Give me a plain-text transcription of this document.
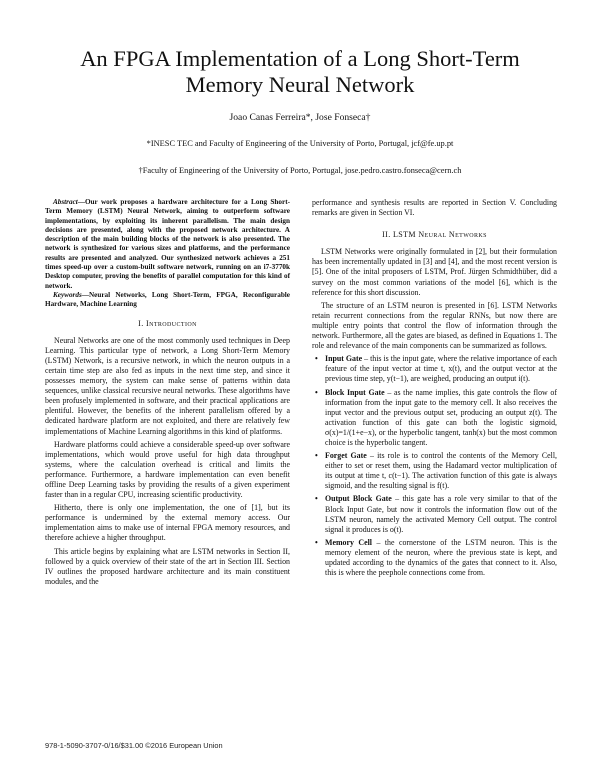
An FPGA Implementation of a Long Short-Term Memory Neural Network
Joao Canas Ferreira*, Jose Fonseca†
*INESC TEC and Faculty of Engineering of the University of Porto, Portugal, jcf@fe.up.pt
†Faculty of Engineering of the University of Porto, Portugal, jose.pedro.castro.fonseca@cern.ch

Abstract—Our work proposes a hardware architecture for a Long Short-Term Memory (LSTM) Neural Network, aiming to outperform software implementations, by exploiting its inherent parallelism. The main design decisions are presented, along with the proposed network architecture. A description of the main building blocks of the network is also presented. The network is synthesized for various sizes and platforms, and the performance results are presented and analyzed. Our synthesized network achieves a 251 times speed-up over a custom-built software network, running on an i7-3770k Desktop computer, proving the benefits of parallel computation for this kind of network.

Keywords—Neural Networks, Long Short-Term, FPGA, Reconfigurable Hardware, Machine Learning

I. Introduction

Neural Networks are one of the most commonly used techniques in Deep Learning. This particular type of network, a Long Short-Term Memory (LSTM) Network, is a recursive network, in which the neuron outputs in a certain time step are also fed as inputs in the next time step, and since it possesses memory, the system can make sense of patterns within data sequences, unlike classical recursive neural networks. These algorithms have been profusely implemented in software, and their practical applications are plentiful. However, the benefits of the inherent parallelism offered by a dedicated hardware platform are not exploited, and there are relatively few implementations of Machine Learning algorithms in this kind of platforms.

Hardware platforms could achieve a considerable speed-up over software implementations, which would prove useful for high data throughput systems, where the calculation overhead is critical and limits the performance. Furthermore, a hardware implementation can even benefit offline Deep Learning tasks by providing the results of a given experiment faster than in a regular CPU, increasing scientific productivity.

Hitherto, there is only one implementation, the one of [1], but its performance is undermined by the external memory access. Our implementation aims to make use of internal FPGA memory resources, and therefore achieve a higher throughput.

This article begins by explaining what are LSTM networks in Section II, followed by a quick overview of their state of the art in Section III. Section IV outlines the proposed hardware architecture and its main constituent modules, and the

performance and synthesis results are reported in Section V. Concluding remarks are given in Section VI.

II. LSTM Neural Networks

LSTM Networks were originally formulated in [2], but their formulation has been incrementally updated in [3] and [4], and the most recent version is [5]. One of the inital proposers of LSTM, Prof. Jürgen Schmidthüber, did a survey on the most common variations of the model [6], which is the reference for this short discussion.

The structure of an LSTM neuron is presented in [6]. LSTM Networks retain recurrent connections from the regular RNNs, but now there are multiple entry points that control the flow of information through the network. Furthermore, all the gates are biased, as defined in Equations 1. The role and relevance of the main components can be summarized as follows.

• Input Gate – this is the input gate, where the relative importance of each feature of the input vector at time t, x(t), and the output vector at the previous time step, y(t−1), are weighed, producing an output i(t).
• Block Input Gate – as the name implies, this gate controls the flow of information from the input gate to the memory cell. It also receives the input vector and the previous output set, producing an output z(t). The activation function of this gate can both the logistic sigmoid, σ(x)=1/(1+e−x), or the hyperbolic tangent, tanh(x) but the most common choice is the hyperbolic tangent.
• Forget Gate – its role is to control the contents of the Memory Cell, either to set or reset them, using the Hadamard vector multiplication of its output at time t, c(t−1). The activation function of this gate is always sigmoid, and the resulting signal is f(t).
• Output Block Gate – this gate has a role very similar to that of the Block Input Gate, but now it controls the information flow out of the LSTM neuron, namely the activated Memory Cell output. The control signal it produces is o(t).
• Memory Cell – the cornerstone of the LSTM neuron. This is the memory element of the neuron, where the previous state is kept, and updated according to the dynamics of the gates that connect to it. Also, this is where the peephole connections come from.
978-1-5090-3707-0/16/$31.00 ©2016 European Union
